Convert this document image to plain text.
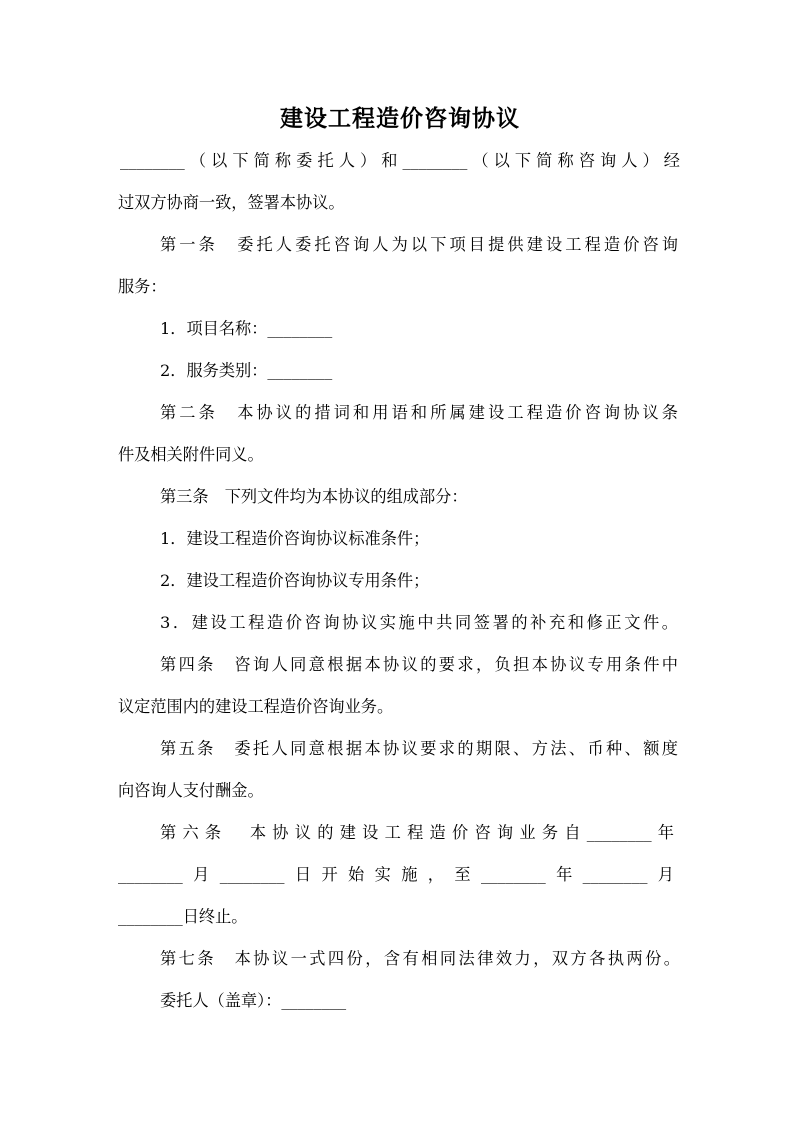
建设工程造价咨询协议
________（以下简称委托人）和________（以下简称咨询人）经
过双方协商一致，签署本协议。
第一条　委托人委托咨询人为以下项目提供建设工程造价咨询
服务：
1．项目名称：________
2．服务类别：________
第二条　本协议的措词和用语和所属建设工程造价咨询协议条
件及相关附件同义。
第三条　下列文件均为本协议的组成部分：
1．建设工程造价咨询协议标准条件；
2．建设工程造价咨询协议专用条件；
3．建设工程造价咨询协议实施中共同签署的补充和修正文件。
第四条　咨询人同意根据本协议的要求，负担本协议专用条件中
议定范围内的建设工程造价咨询业务。
第五条　委托人同意根据本协议要求的期限、方法、币种、额度
向咨询人支付酬金。
第六条　本协议的建设工程造价咨询业务自________年
________月________日开始实施，至________年________月
________日终止。
第七条　本协议一式四份，含有相同法律效力，双方各执两份。
委托人（盖章）：________
